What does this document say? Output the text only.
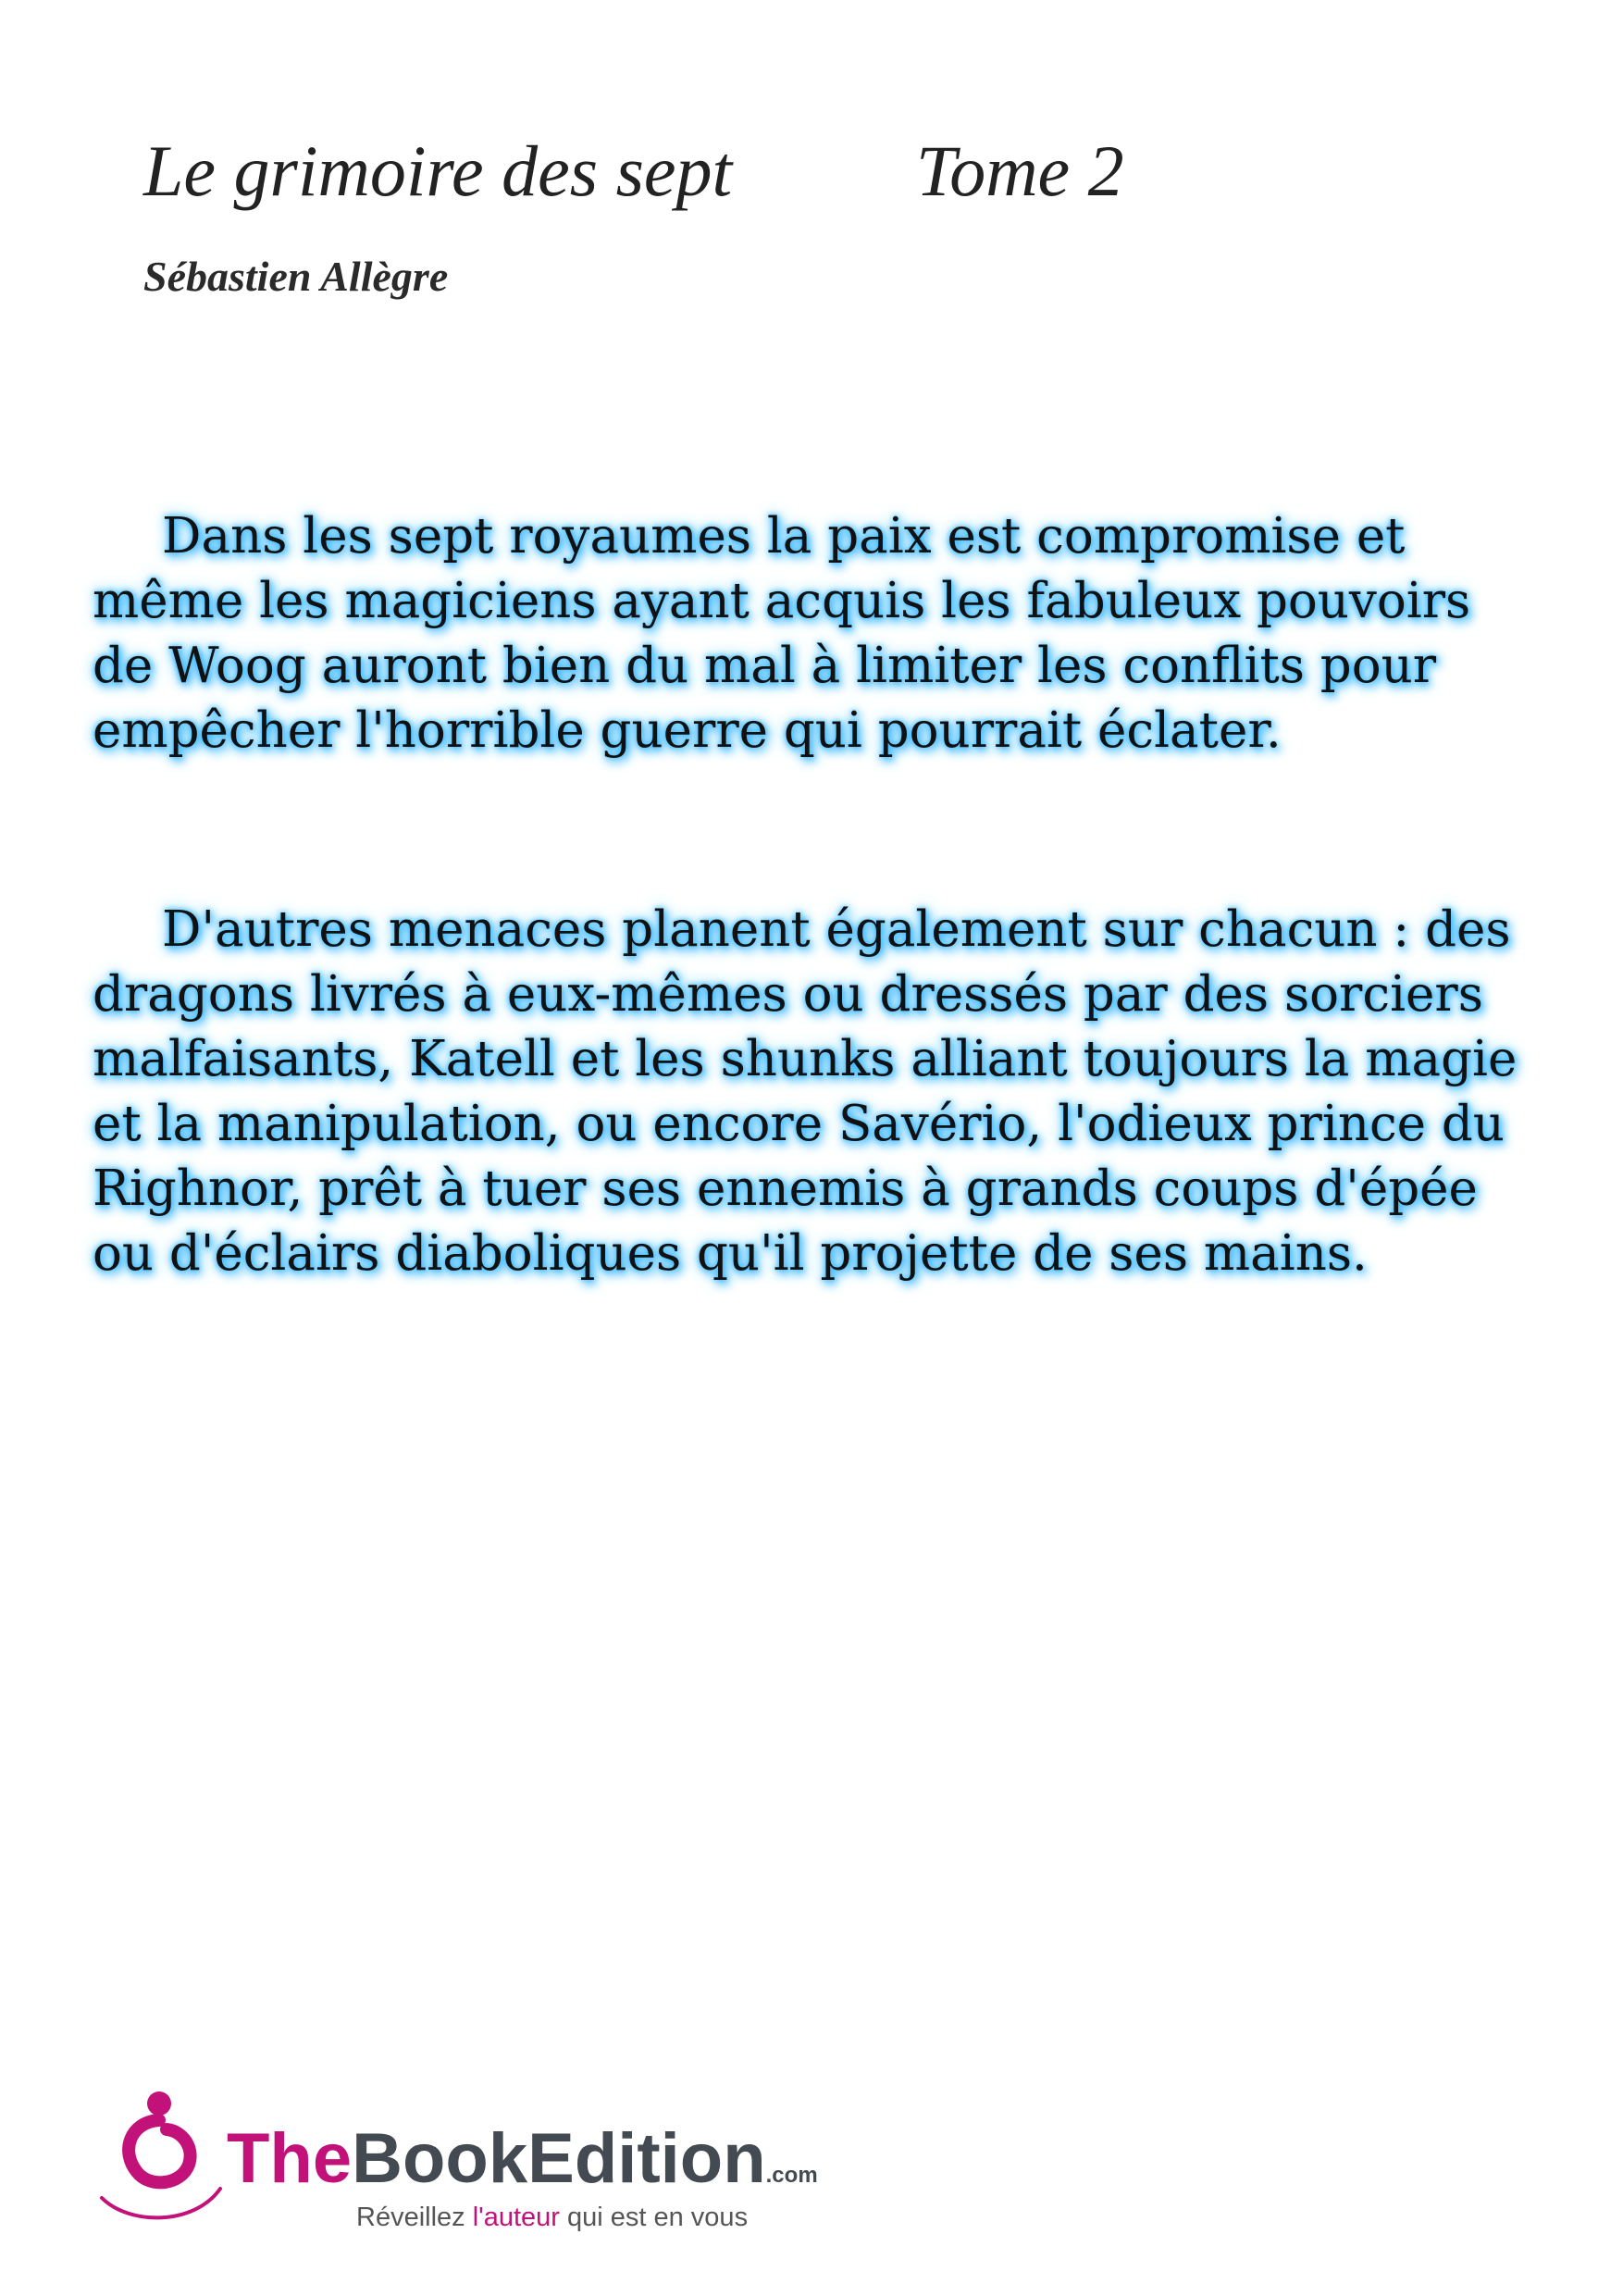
Le grimoire des sept	Tome 2
Sébastien Allègre

Dans les sept royaumes la paix est compromise et même les magiciens ayant acquis les fabuleux pouvoirs de Woog auront bien du mal à limiter les conflits pour empêcher l'horrible guerre qui pourrait éclater.

D'autres menaces planent également sur chacun : des dragons livrés à eux-mêmes ou dressés par des sorciers malfaisants, Katell et les shunks alliant toujours la magie et la manipulation, ou encore Savério, l'odieux prince du Righnor, prêt à tuer ses ennemis à grands coups d'épée ou d'éclairs diaboliques qu'il projette de ses mains.

TheBookEdition.com
Réveillez l'auteur qui est en vous
